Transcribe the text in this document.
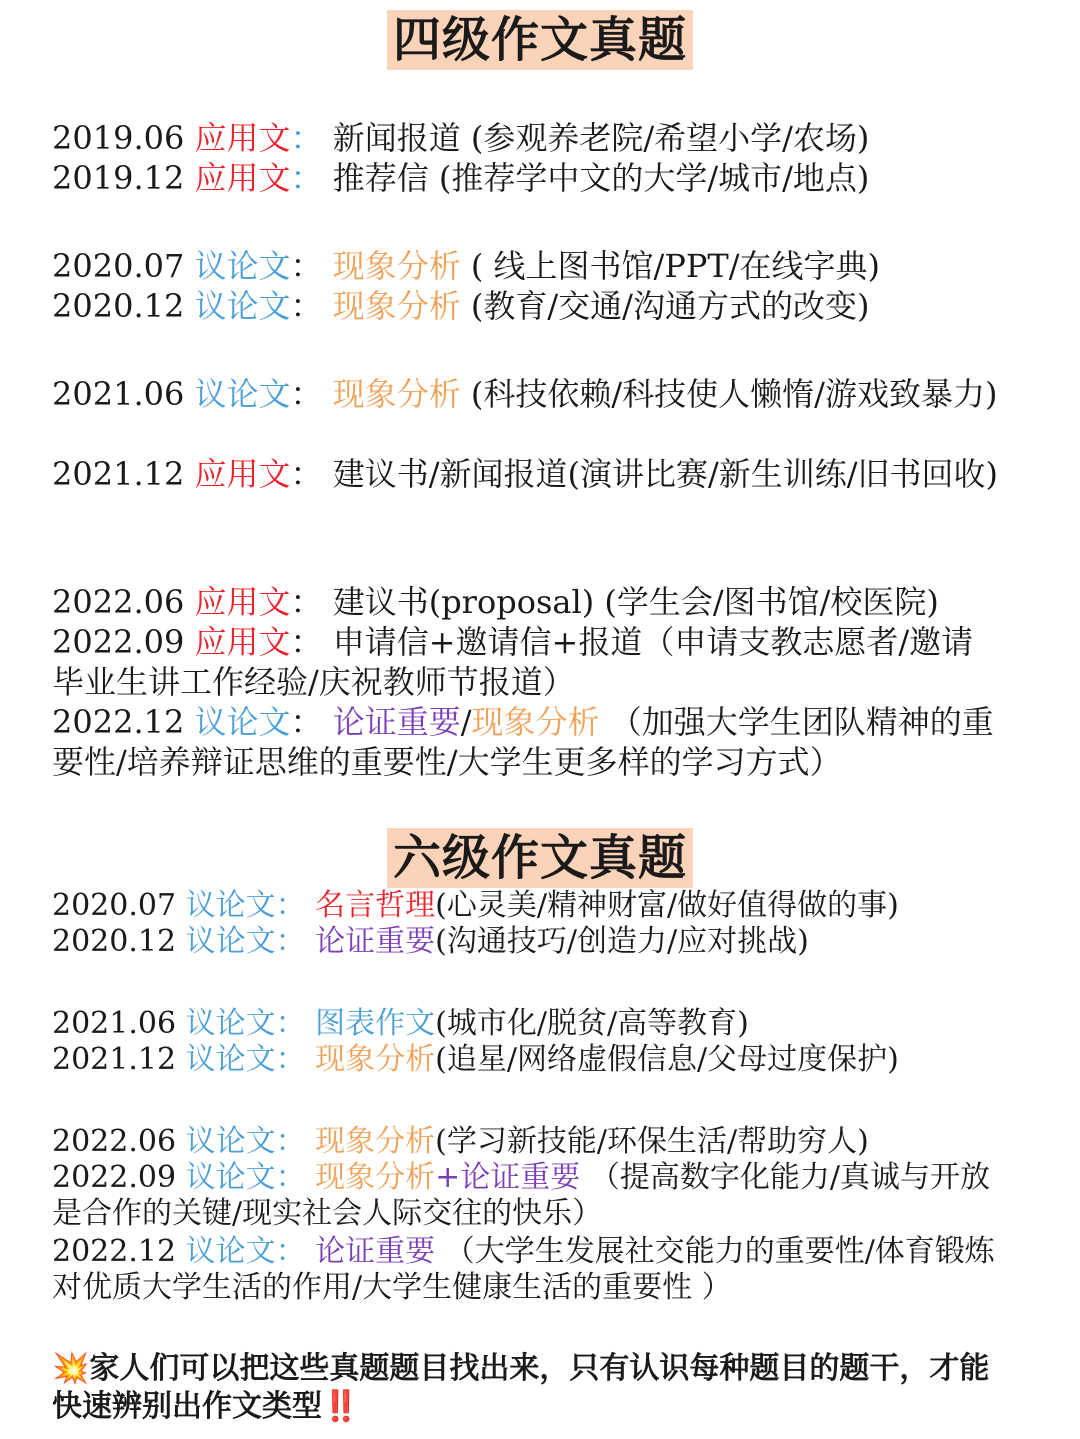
四级作文真题

2019.06 应用文： 新闻报道 (参观养老院/希望小学/农场)

2019.12 应用文： 推荐信 (推荐学中文的大学/城市/地点)

2020.07 议论文： 现象分析 ( 线上图书馆/PPT/在线字典)

2020.12 议论文： 现象分析 (教育/交通/沟通方式的改变)

2021.06 议论文： 现象分析 (科技依赖/科技使人懒惰/游戏致暴力)

2021.12 应用文： 建议书/新闻报道(演讲比赛/新生训练/旧书回收)

2022.06 应用文： 建议书(proposal) (学生会/图书馆/校医院)

2022.09 应用文： 申请信+邀请信+报道（申请支教志愿者/邀请毕业生讲工作经验/庆祝教师节报道）

2022.12 议论文： 论证重要/现象分析 （加强大学生团队精神的重要性/培养辩证思维的重要性/大学生更多样的学习方式）

六级作文真题

2020.07 议论文： 名言哲理(心灵美/精神财富/做好值得做的事)

2020.12 议论文： 论证重要(沟通技巧/创造力/应对挑战)

2021.06 议论文： 图表作文(城市化/脱贫/高等教育)

2021.12 议论文： 现象分析(追星/网络虚假信息/父母过度保护)

2022.06 议论文： 现象分析(学习新技能/环保生活/帮助穷人)

2022.09 议论文： 现象分析+论证重要 （提高数字化能力/真诚与开放是合作的关键/现实社会人际交往的快乐）

2022.12 议论文： 论证重要 （大学生发展社交能力的重要性/体育锻炼对优质大学生活的作用/大学生健康生活的重要性 ）

💥家人们可以把这些真题题目找出来，只有认识每种题目的题干，才能快速辨别出作文类型‼️
